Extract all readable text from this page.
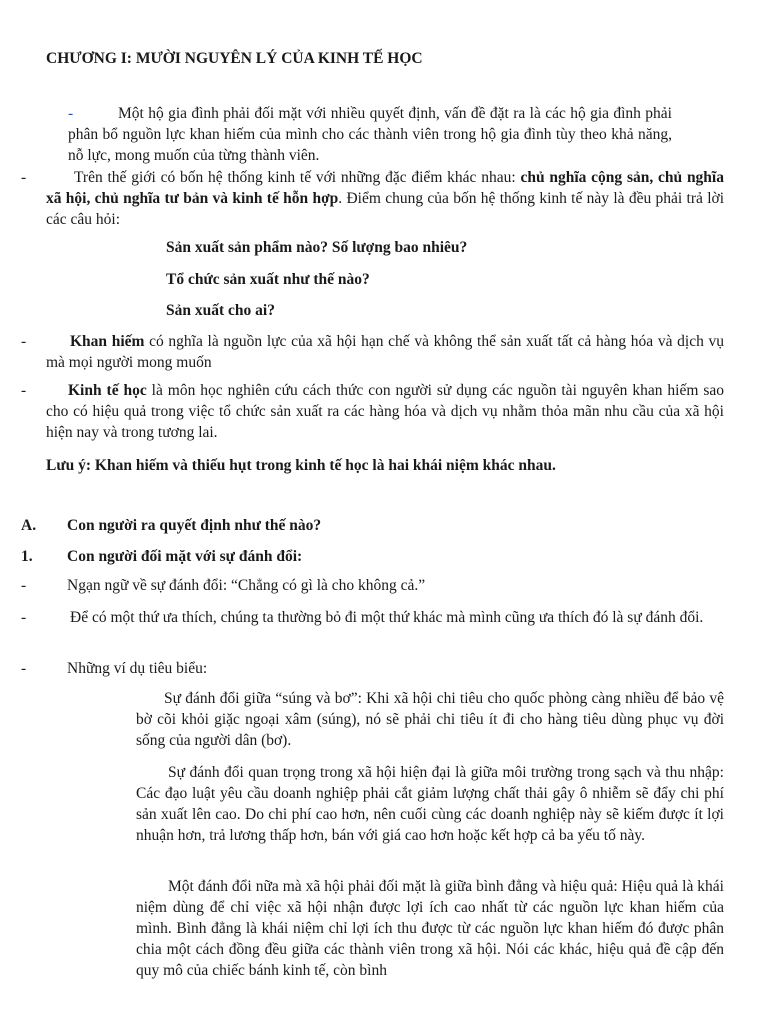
CHƯƠNG I: MƯỜI NGUYÊN LÝ CỦA KINH TẾ HỌC
-	Một hộ gia đình phải đối mặt với nhiều quyết định, vấn đề đặt ra là các hộ gia đình phải phân bổ nguồn lực khan hiếm của mình cho các thành viên trong hộ gia đình tùy theo khả năng, nỗ lực, mong muốn của từng thành viên.

-	Trên thế giới có bốn hệ thống kinh tế với những đặc điểm khác nhau: chủ nghĩa cộng sản, chủ nghĩa xã hội, chủ nghĩa tư bản và kinh tế hỗn hợp. Điểm chung của bốn hệ thống kinh tế này là đều phải trả lời các câu hỏi:

Sản xuất sản phẩm nào? Số lượng bao nhiêu?

Tổ chức sản xuất như thế nào?

Sản xuất cho ai?

-	Khan hiếm có nghĩa là nguồn lực của xã hội hạn chế và không thể sản xuất tất cả hàng hóa và dịch vụ mà mọi người mong muốn

-	Kinh tế học là môn học nghiên cứu cách thức con người sử dụng các nguồn tài nguyên khan hiếm sao cho có hiệu quả trong việc tổ chức sản xuất ra các hàng hóa và dịch vụ nhằm thỏa mãn nhu cầu của xã hội hiện nay và trong tương lai.

Lưu ý: Khan hiếm và thiếu hụt trong kinh tế học là hai khái niệm khác nhau.

A. Con người ra quyết định như thế nào?

1. Con người đối mặt với sự đánh đổi:

-	Ngạn ngữ về sự đánh đổi: “Chẳng có gì là cho không cả.”

-	Để có một thứ ưa thích, chúng ta thường bỏ đi một thứ khác mà mình cũng ưa thích đó là sự đánh đổi.

-	Những ví dụ tiêu biểu:

Sự đánh đổi giữa “súng và bơ”: Khi xã hội chi tiêu cho quốc phòng càng nhiều để bảo vệ bờ cõi khỏi giặc ngoại xâm (súng), nó sẽ phải chi tiêu ít đi cho hàng tiêu dùng phục vụ đời sống của người dân (bơ).

Sự đánh đổi quan trọng trong xã hội hiện đại là giữa môi trường trong sạch và thu nhập: Các đạo luật yêu cầu doanh nghiệp phải cắt giảm lượng chất thải gây ô nhiễm sẽ đẩy chi phí sản xuất lên cao. Do chi phí cao hơn, nên cuối cùng các doanh nghiệp này sẽ kiếm được ít lợi nhuận hơn, trả lương thấp hơn, bán với giá cao hơn hoặc kết hợp cả ba yếu tố này.

Một đánh đổi nữa mà xã hội phải đối mặt là giữa bình đẳng và hiệu quả: Hiệu quả là khái niệm dùng để chỉ việc xã hội nhận được lợi ích cao nhất từ các nguồn lực khan hiếm của mình. Bình đẳng là khái niệm chỉ lợi ích thu được từ các nguồn lực khan hiếm đó được phân chia một cách đồng đều giữa các thành viên trong xã hội. Nói các khác, hiệu quả đề cập đến quy mô của chiếc bánh kinh tế, còn bình
